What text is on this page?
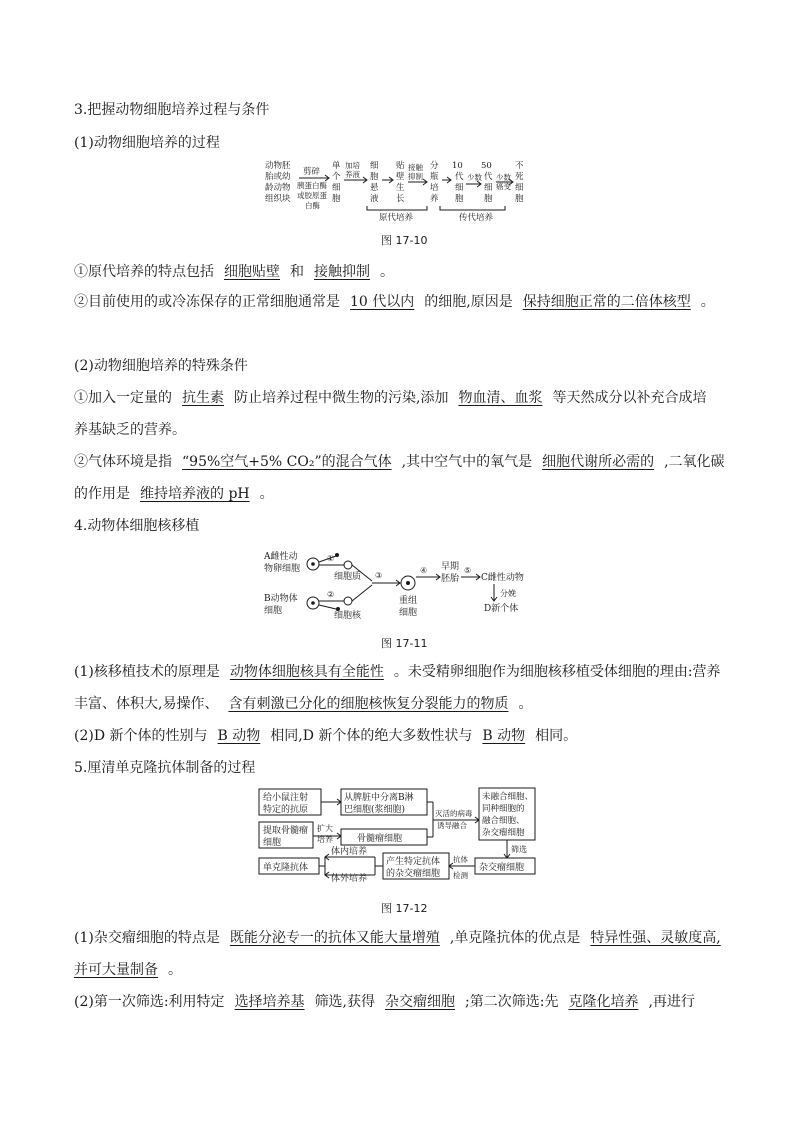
3.把握动物细胞培养过程与条件
(1)动物细胞培养的过程
动物胚
胎或幼
龄动物
组织块
剪碎
胰蛋白酶
或胶原蛋
白酶
单
个
细
胞
加培
养液
细
胞
悬
液
贴
壁
生
长
接触
抑制
分
瓶
培
养
10
代
细
胞
少数
50
代
细
胞
少数
癌变
不
死
细
胞
原代培养	传代培养
图 17-10
①原代培养的特点包括 细胞贴壁 和 接触抑制 。
②目前使用的或冷冻保存的正常细胞通常是 10 代以内 的细胞,原因是 保持细胞正常的二倍体核型 。
(2)动物细胞培养的特殊条件
①加入一定量的 抗生素 防止培养过程中微生物的污染,添加 物血清、血浆 等天然成分以补充合成培
养基缺乏的营养。
②气体环境是指 “95%空气+5% CO₂”的混合气体 ,其中空气中的氧气是 细胞代谢所必需的 ,二氧化碳
的作用是 维持培养液的 pH 。
4.动物体细胞核移植
A雌性动
物卵细胞
B动物体
细胞
①
②
细胞质
细胞核
③
重组
细胞
④ 早期
胚胎
⑤
C雌性动物
分娩
D新个体
图 17-11
(1)核移植技术的原理是 动物体细胞核具有全能性 。未受精卵细胞作为细胞核移植受体细胞的理由:营养
丰富、体积大,易操作、 含有刺激已分化的细胞核恢复分裂能力的物质 。
(2)D 新个体的性别与 B 动物 相同,D 新个体的绝大多数性状与 B 动物 相同。
5.厘清单克隆抗体制备的过程
给小鼠注射
特定的抗原
从脾脏中分离B淋
巴细胞(浆细胞)
提取骨髓瘤
细胞
扩大
培养	骨髓瘤细胞
灭活的病毒
诱导融合
未融合细胞、
同种细胞的
融合细胞、
杂交瘤细胞
筛选
杂交瘤细胞
抗体
检测
产生特定抗体
的杂交瘤细胞
体内培养
体外培养
单克隆抗体
图 17-12
(1)杂交瘤细胞的特点是 既能分泌专一的抗体又能大量增殖 ,单克隆抗体的优点是 特异性强、灵敏度高,
并可大量制备 。
(2)第一次筛选:利用特定 选择培养基 筛选,获得 杂交瘤细胞 ;第二次筛选:先 克隆化培养 ,再进行
